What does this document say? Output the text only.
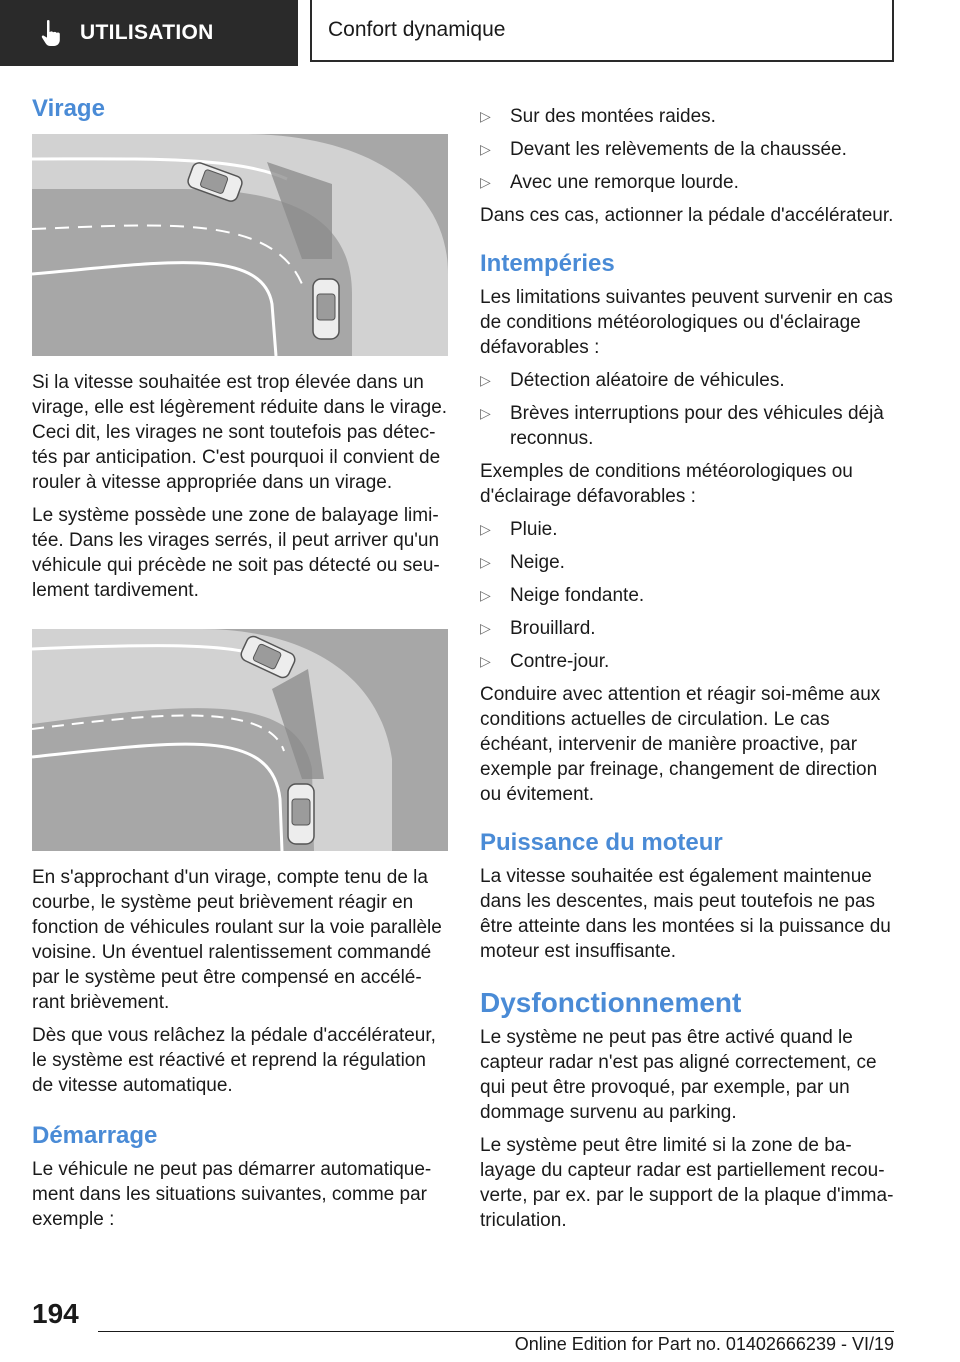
UTILISATION	Confort dynamique
Virage

Si la vitesse souhaitée est trop élevée dans un virage, elle est légèrement réduite dans le virage. Ceci dit, les virages ne sont toutefois pas détectés par anticipation. C'est pourquoi il convient de rouler à vitesse appropriée dans un virage.

Le système possède une zone de balayage limitée. Dans les virages serrés, il peut arriver qu'un véhicule qui précède ne soit pas détecté ou seulement tardivement.

En s'approchant d'un virage, compte tenu de la courbe, le système peut brièvement réagir en fonction de véhicules roulant sur la voie parallèle voisine. Un éventuel ralentissement commandé par le système peut être compensé en accélérant brièvement.

Dès que vous relâchez la pédale d'accélérateur, le système est réactivé et reprend la régulation de vitesse automatique.

Démarrage

Le véhicule ne peut pas démarrer automatiquement dans les situations suivantes, comme par exemple :

▷	Sur des montées raides.
▷	Devant les relèvements de la chaussée.
▷	Avec une remorque lourde.

Dans ces cas, actionner la pédale d'accélérateur.

Intempéries

Les limitations suivantes peuvent survenir en cas de conditions météorologiques ou d'éclairage défavorables :

▷	Détection aléatoire de véhicules.
▷	Brèves interruptions pour des véhicules déjà reconnus.

Exemples de conditions météorologiques ou d'éclairage défavorables :

▷	Pluie.
▷	Neige.
▷	Neige fondante.
▷	Brouillard.
▷	Contre-jour.

Conduire avec attention et réagir soi-même aux conditions actuelles de circulation. Le cas échéant, intervenir de manière proactive, par exemple par freinage, changement de direction ou évitement.

Puissance du moteur

La vitesse souhaitée est également maintenue dans les descentes, mais peut toutefois ne pas être atteinte dans les montées si la puissance du moteur est insuffisante.

Dysfonctionnement

Le système ne peut pas être activé quand le capteur radar n'est pas aligné correctement, ce qui peut être provoqué, par exemple, par un dommage survenu au parking.

Le système peut être limité si la zone de balayage du capteur radar est partiellement recouverte, par ex. par le support de la plaque d'immatriculation.

194
Online Edition for Part no. 01402666239 - VI/19
